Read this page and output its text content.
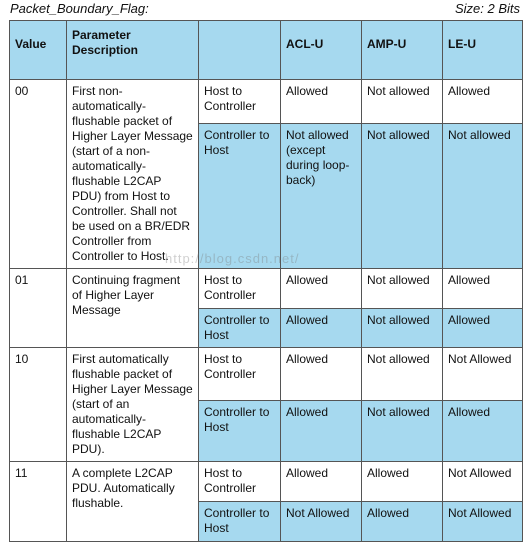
Packet_Boundary_Flag:	Size: 2 Bits
Value	Parameter Description		ACL-U	AMP-U	LE-U
00	First non-automatically-flushable packet of Higher Layer Message (start of a non-automatically-flushable L2CAP PDU) from Host to Controller. Shall not be used on a BR/EDR Controller from Controller to Host.	Host to Controller	Allowed	Not allowed	Allowed
		Controller to Host	Not allowed (except during loop-back)	Not allowed	Not allowed
01	Continuing fragment of Higher Layer Message	Host to Controller	Allowed	Not allowed	Allowed
		Controller to Host	Allowed	Not allowed	Allowed
10	First automatically flushable packet of Higher Layer Message (start of an automatically-flushable L2CAP PDU).	Host to Controller	Allowed	Not allowed	Not Allowed
		Controller to Host	Allowed	Not allowed	Allowed
11	A complete L2CAP PDU. Automatically flushable.	Host to Controller	Allowed	Allowed	Not Allowed
		Controller to Host	Not Allowed	Allowed	Not Allowed
http://blog.csdn.net/
